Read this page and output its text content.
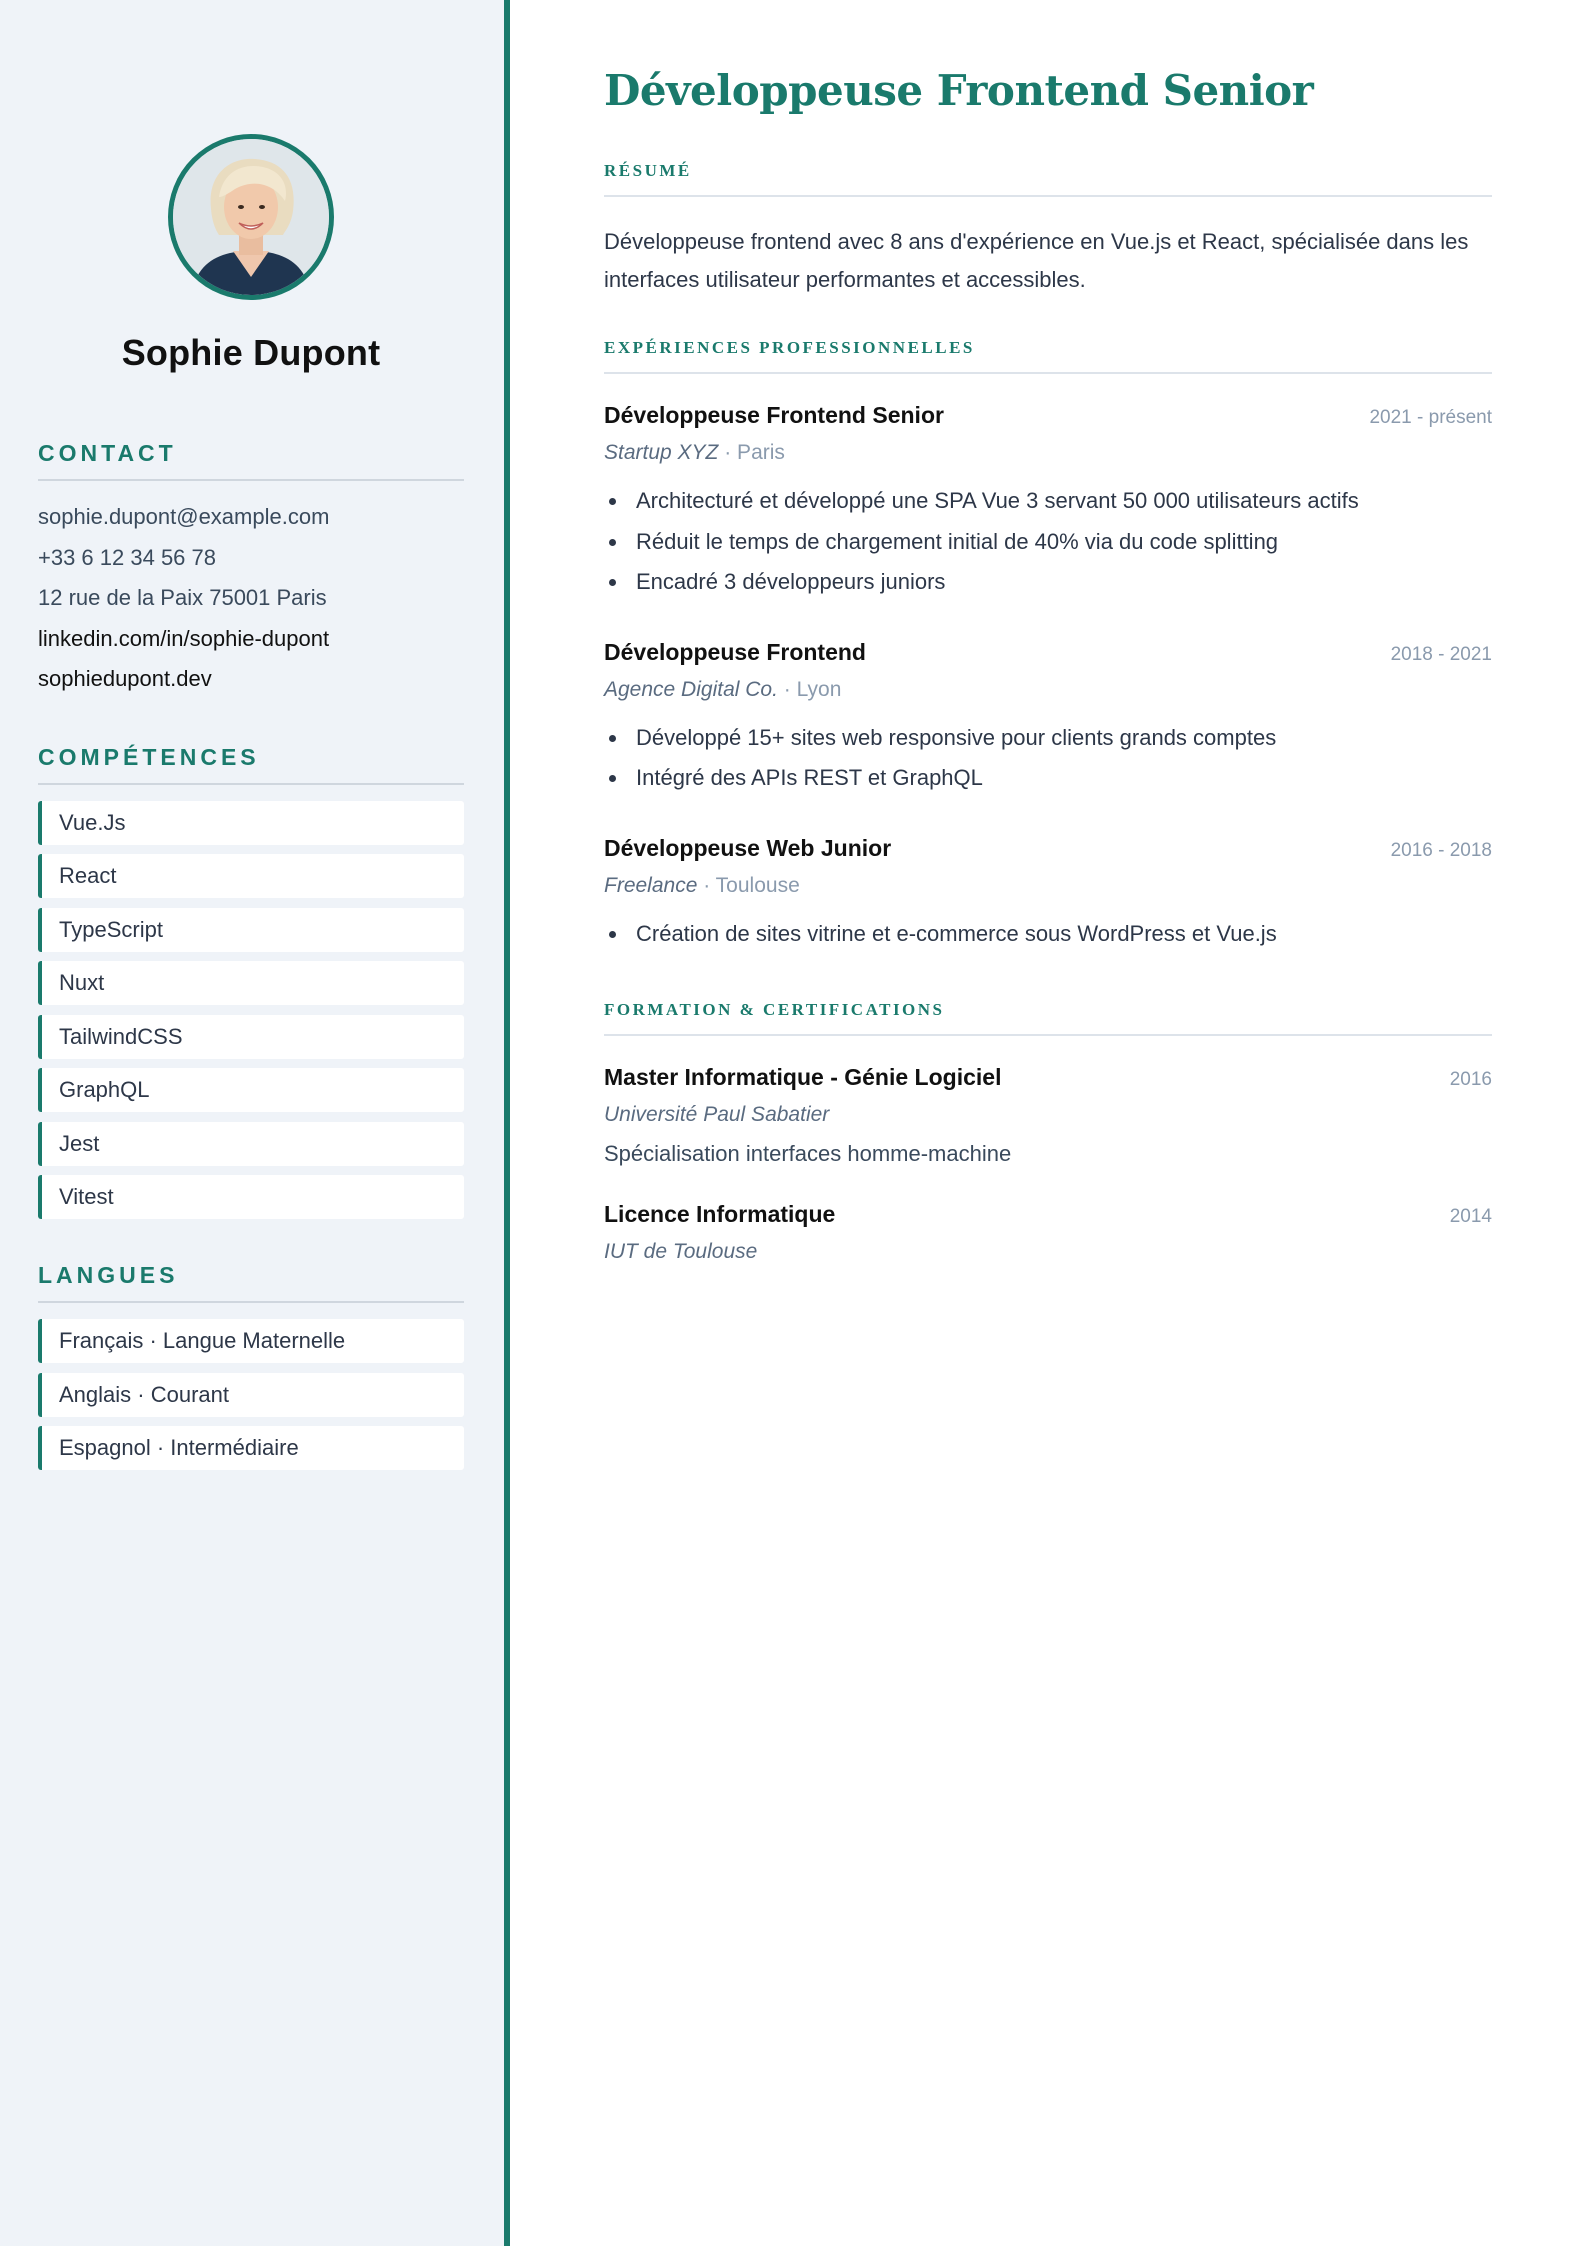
Sophie Dupont
CONTACT
sophie.dupont@example.com
+33 6 12 34 56 78
12 rue de la Paix 75001 Paris
linkedin.com/in/sophie-dupont
sophiedupont.dev
COMPÉTENCES
Vue.Js
React
TypeScript
Nuxt
TailwindCSS
GraphQL
Jest
Vitest
LANGUES
Français · Langue Maternelle
Anglais · Courant
Espagnol · Intermédiaire
Développeuse Frontend Senior
RÉSUMÉ

Développeuse frontend avec 8 ans d'expérience en Vue.js et React, spécialisée dans les interfaces utilisateur performantes et accessibles.

EXPÉRIENCES PROFESSIONNELLES
Développeuse Frontend Senior	2021 - présent
Startup XYZ · Paris
Architecturé et développé une SPA Vue 3 servant 50 000 utilisateurs actifs
Réduit le temps de chargement initial de 40% via du code splitting
Encadré 3 développeurs juniors
Développeuse Frontend	2018 - 2021
Agence Digital Co. · Lyon
Développé 15+ sites web responsive pour clients grands comptes
Intégré des APIs REST et GraphQL
Développeuse Web Junior	2016 - 2018
Freelance · Toulouse
Création de sites vitrine et e-commerce sous WordPress et Vue.js
FORMATION & CERTIFICATIONS
Master Informatique - Génie Logiciel	2016
Université Paul Sabatier
Spécialisation interfaces homme-machine
Licence Informatique	2014
IUT de Toulouse
